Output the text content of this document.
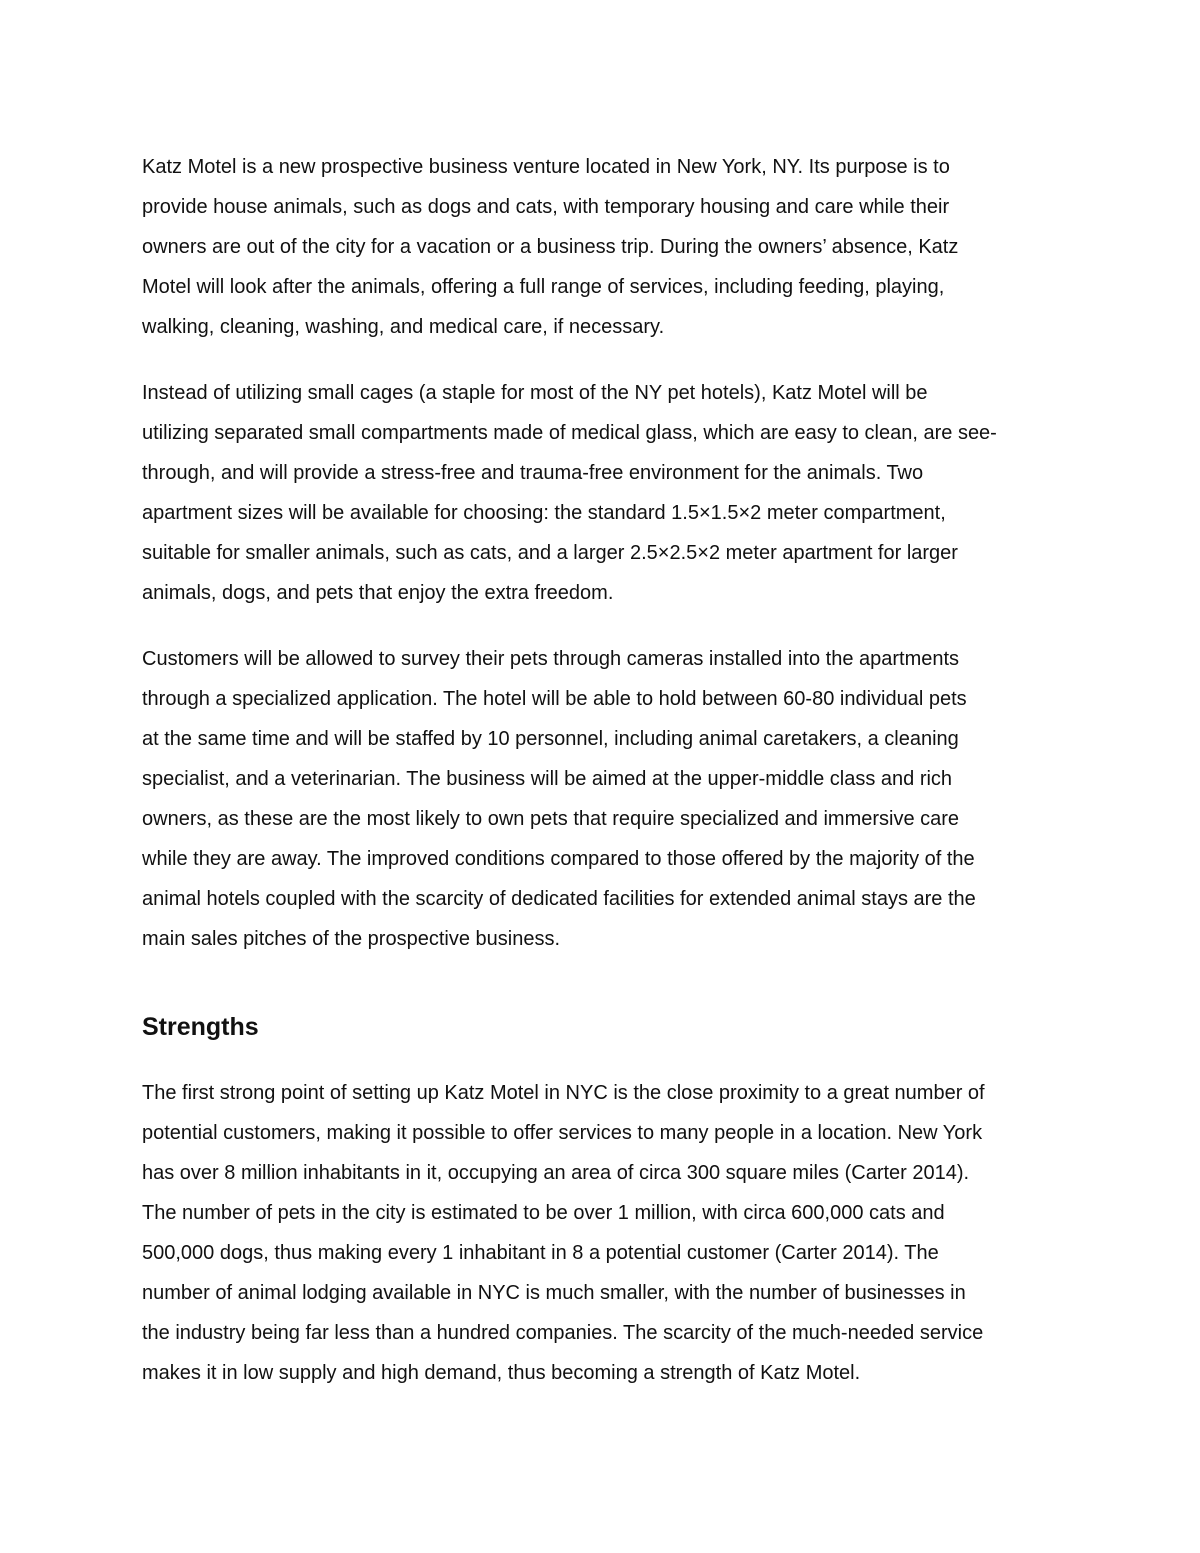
Katz Motel is a new prospective business venture located in New York, NY. Its purpose is to
provide house animals, such as dogs and cats, with temporary housing and care while their
owners are out of the city for a vacation or a business trip. During the owners’ absence, Katz
Motel will look after the animals, offering a full range of services, including feeding, playing,
walking, cleaning, washing, and medical care, if necessary.

Instead of utilizing small cages (a staple for most of the NY pet hotels), Katz Motel will be
utilizing separated small compartments made of medical glass, which are easy to clean, are see-
through, and will provide a stress-free and trauma-free environment for the animals. Two
apartment sizes will be available for choosing: the standard 1.5×1.5×2 meter compartment,
suitable for smaller animals, such as cats, and a larger 2.5×2.5×2 meter apartment for larger
animals, dogs, and pets that enjoy the extra freedom.

Customers will be allowed to survey their pets through cameras installed into the apartments
through a specialized application. The hotel will be able to hold between 60-80 individual pets
at the same time and will be staffed by 10 personnel, including animal caretakers, a cleaning
specialist, and a veterinarian. The business will be aimed at the upper-middle class and rich
owners, as these are the most likely to own pets that require specialized and immersive care
while they are away. The improved conditions compared to those offered by the majority of the
animal hotels coupled with the scarcity of dedicated facilities for extended animal stays are the
main sales pitches of the prospective business.

Strengths

The first strong point of setting up Katz Motel in NYC is the close proximity to a great number of
potential customers, making it possible to offer services to many people in a location. New York
has over 8 million inhabitants in it, occupying an area of circa 300 square miles (Carter 2014).
The number of pets in the city is estimated to be over 1 million, with circa 600,000 cats and
500,000 dogs, thus making every 1 inhabitant in 8 a potential customer (Carter 2014). The
number of animal lodging available in NYC is much smaller, with the number of businesses in
the industry being far less than a hundred companies. The scarcity of the much-needed service
makes it in low supply and high demand, thus becoming a strength of Katz Motel.
